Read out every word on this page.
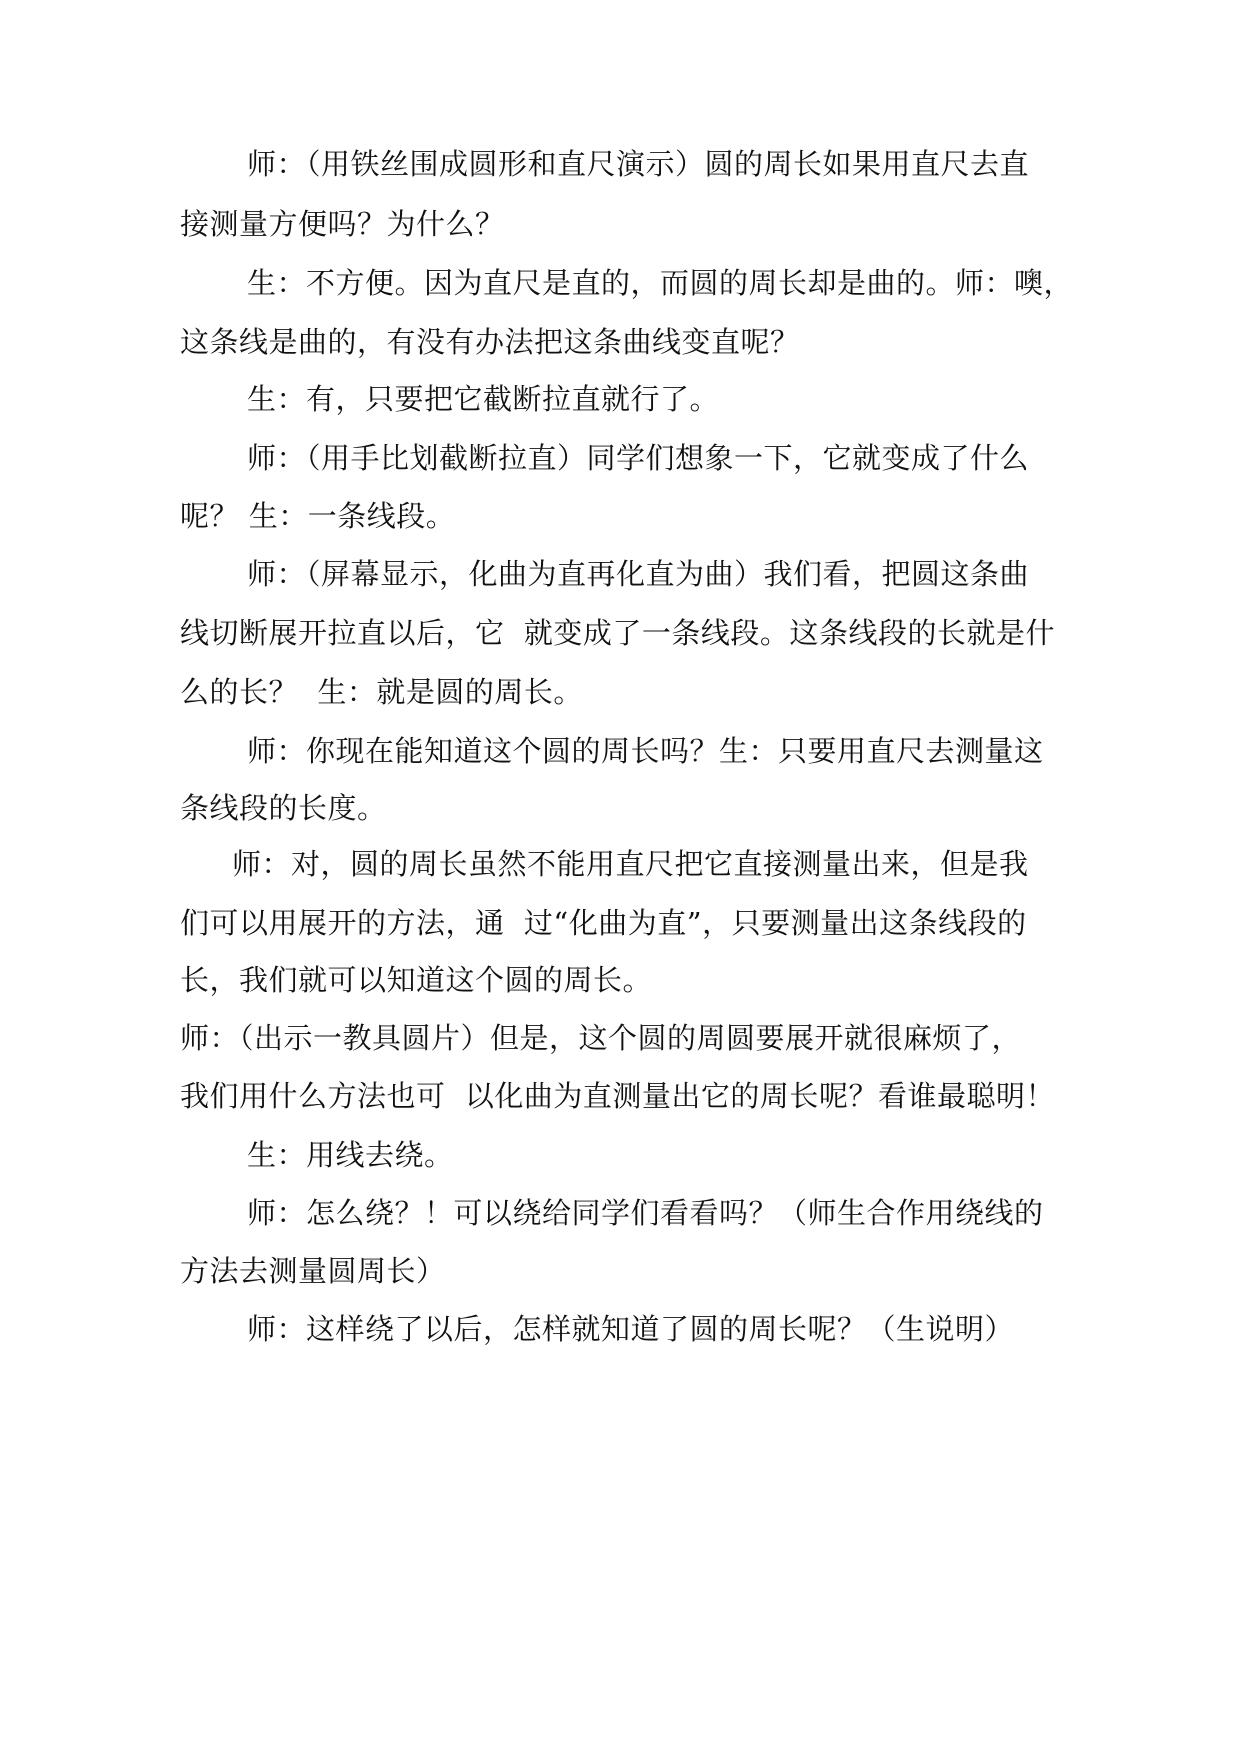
师：（用铁丝围成圆形和直尺演示）圆的周长如果用直尺去直
接测量方便吗？为什么？
生：不方便。因为直尺是直的，而圆的周长却是曲的。师：噢，
这条线是曲的，有没有办法把这条曲线变直呢？
生：有，只要把它截断拉直就行了。
师：（用手比划截断拉直）同学们想象一下，它就变成了什么
呢？ 生：一条线段。
师：（屏幕显示，化曲为直再化直为曲）我们看，把圆这条曲
线切断展开拉直以后，它  就变成了一条线段。这条线段的长就是什
么的长？  生：就是圆的周长。
师：你现在能知道这个圆的周长吗？生：只要用直尺去测量这
条线段的长度。
师：对，圆的周长虽然不能用直尺把它直接测量出来，但是我
们可以用展开的方法，通  过“化曲为直”，只要测量出这条线段的
长，我们就可以知道这个圆的周长。
师：（出示一教具圆片）但是，这个圆的周圆要展开就很麻烦了，
我们用什么方法也可  以化曲为直测量出它的周长呢？看谁最聪明！
生：用线去绕。
师：怎么绕？！可以绕给同学们看看吗？（师生合作用绕线的
方法去测量圆周长）
师：这样绕了以后，怎样就知道了圆的周长呢？（生说明）
